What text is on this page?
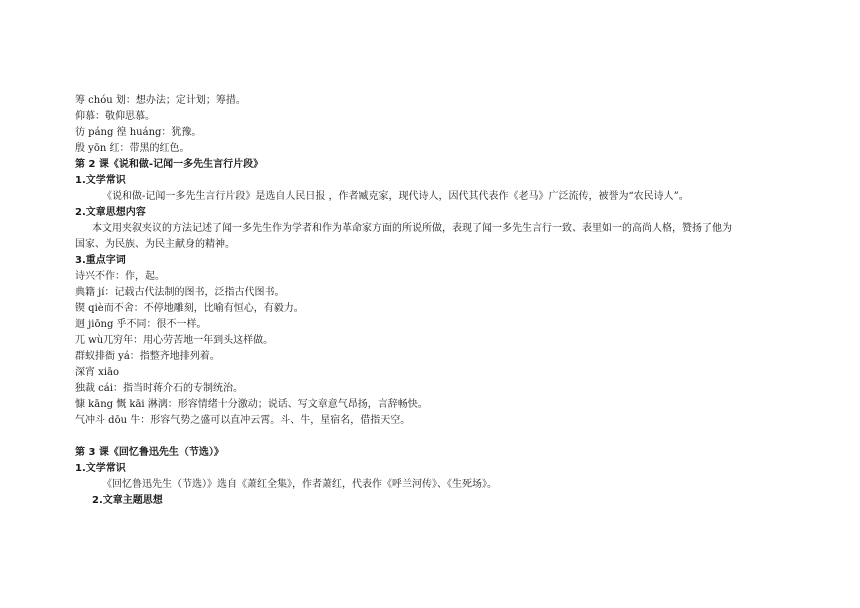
筹 chóu 划：想办法；定计划；筹措。
仰慕：敬仰思慕。
彷 páng 徨 huáng：犹豫。
殷 yōn 红：带黑的红色。
第 2 课《说和做-记闻一多先生言行片段》
1.文学常识
《说和做-记闻一多先生言行片段》是选自人民日报 ，作者臧克家，现代诗人，因代其代表作《老马》广泛流传，被誉为“农民诗人”。
2.文章思想内容
本文用夹叙夹议的方法记述了闻一多先生作为学者和作为革命家方面的所说所做，表现了闻一多先生言行一致、表里如一的高尚人格，赞扬了他为
国家、为民族、为民主献身的精神。
3.重点字词
诗兴不作：作，起。
典籍 jí：记载古代法制的图书，泛指古代图书。
锲 qiè而不舍：不停地雕刻，比喻有恒心，有毅力。
迥 jiōng 乎不同：很不一样。
兀 wù兀穷年：用心劳苦地一年到头这样做。
群蚁排衙 yá：指整齐地排列着。
深宵 xiāo
独裁 cái：指当时蒋介石的专制统治。
慷 kāng 慨 kāi 淋漓：形容情绪十分激动；说话、写文章意气昂扬，言辞畅快。
气冲斗 dōu 牛：形容气势之盛可以直冲云霄。斗、牛，星宿名，借指天空。
第 3 课《回忆鲁迅先生（节选）》
1.文学常识
《回忆鲁迅先生（节选）》选自《萧红全集》，作者萧红，代表作《呼兰河传》、《生死场》。
2.文章主题思想
